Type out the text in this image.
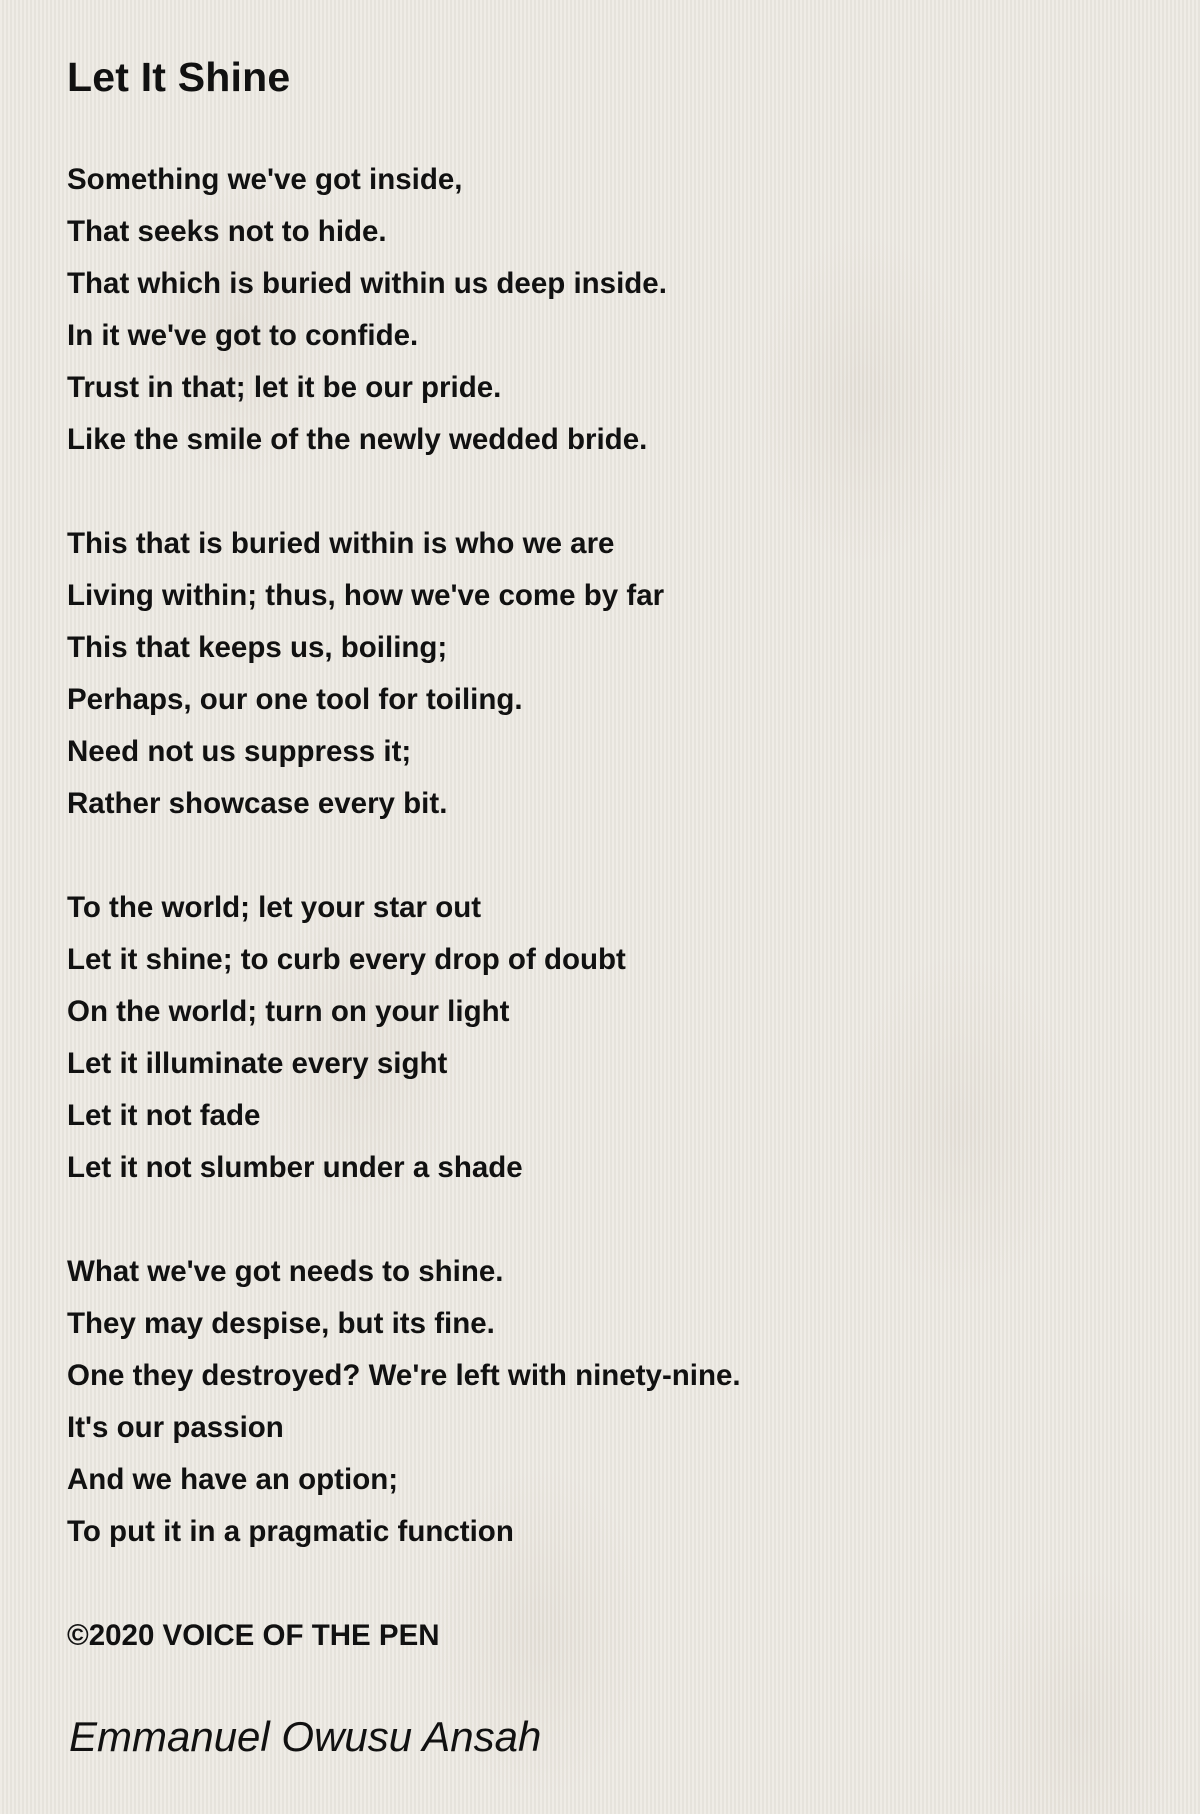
Let It Shine
Something we've got inside,
That seeks not to hide.
That which is buried within us deep inside.
In it we've got to confide.
Trust in that; let it be our pride.
Like the smile of the newly wedded bride.
This that is buried within is who we are
Living within; thus, how we've come by far
This that keeps us, boiling;
Perhaps, our one tool for toiling.
Need not us suppress it;
Rather showcase every bit.
To the world; let your star out
Let it shine; to curb every drop of doubt
On the world; turn on your light
Let it illuminate every sight
Let it not fade
Let it not slumber under a shade
What we've got needs to shine.
They may despise, but its fine.
One they destroyed? We're left with ninety-nine.
It's our passion
And we have an option;
To put it in a pragmatic function
©2020 VOICE OF THE PEN
Emmanuel Owusu Ansah
